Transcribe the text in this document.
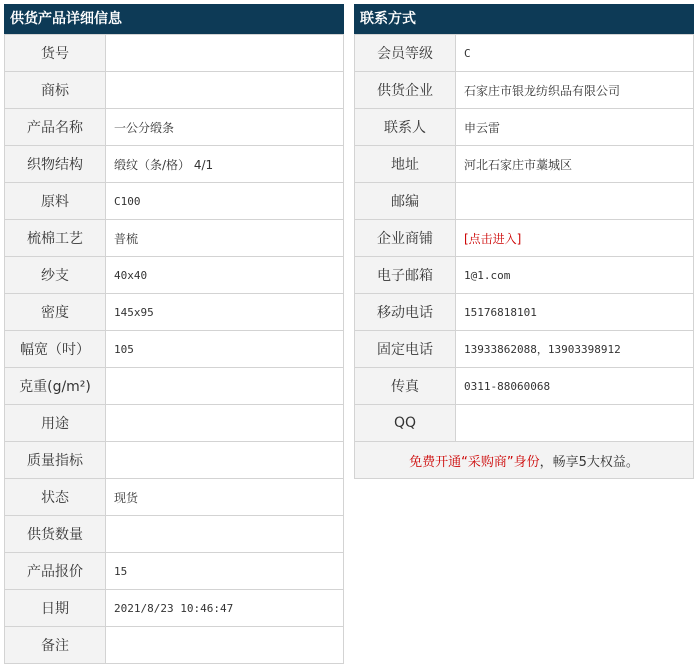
供货产品详细信息
货号
商标
产品名称	一公分缎条
织物结构	缎纹（条/格） 4/1
原料	C100
梳棉工艺	普梳
纱支	40x40
密度	145x95
幅宽（吋）	105
克重(g/m²)
用途
质量指标
状态	现货
供货数量
产品报价	15
日期	2021/8/23 10:46:47
备注
联系方式
会员等级	C
供货企业	石家庄市银龙纺织品有限公司
联系人	申云雷
地址	河北石家庄市藁城区
邮编
企业商铺	[点击进入]
电子邮箱	1@1.com
移动电话	15176818101
固定电话	13933862088，13903398912
传真	0311-88060068
QQ
免费开通“采购商”身份 ，畅享5大权益。
